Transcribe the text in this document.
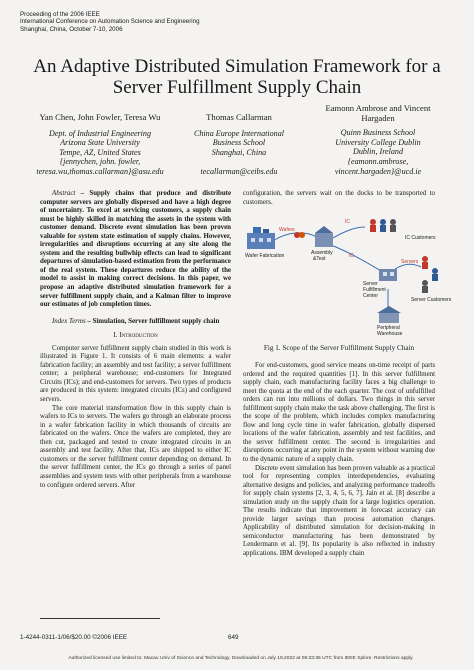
Proceeding of the 2006 IEEE
International Conference on Automation Science and Engineering
Shanghai, China, October 7-10, 2006
An Adaptive Distributed Simulation Framework for a
Server Fulfillment Supply Chain
Yan Chen, John Fowler, Teresa Wu
Dept. of Industrial Engineering
Arizona State University
Tempe, AZ, United States
{jennychen, john. fowler,
teresa.wu,thomas.callarman}@asu.edu
Thomas Callarman
China Europe International
Business School
Shanghai, China
tecallarman@ceibs.edu
Eamonn Ambrose and Vincent
Hargaden
Quinn Business School
University College Dublin
Dublin, Ireland
{eamonn.ambrose,
vincent.hargaden}@ucd.ie

Abstract – Supply chains that produce and distribute computer servers are globally dispersed and have a high degree of uncertainty. To excel at servicing customers, a supply chain must be highly skilled in matching the assets in the system with customer demand. Discrete event simulation has been proven valuable for system state estimation of supply chains. However, irregularities and disruptions occurring at any site along the system and the resulting bullwhip effects can lead to significant departures of simulation-based estimation from the performance of the real system. These departures reduce the ability of the model to assist in making correct decisions. In this paper, we propose an adaptive distributed simulation framework for a server fulfillment supply chain, and a Kalman filter to improve our estimates of job completion times.

Index Terms – Simulation, Server fulfillment supply chain

I. Introduction

Computer server fulfillment supply chain studied in this work is illustrated in Figure 1. It consists of 6 main elements: a wafer fabrication facility; an assembly and test facility; a server fulfillment center; a peripheral warehouse; end-customers for Integrated Circuits (ICs); and end-customers for servers. Two types of products are produced in this system: integrated circuits (ICs) and configured servers.

The core material transformation flow in this supply chain is wafers to ICs to servers. The wafers go through an elaborate process in a wafer fabrication facility in which thousands of circuits are fabricated on the wafers. Once the wafers are completed, they are then cut, packaged and tested to create integrated circuits in an assembly and test facility. After that, ICs are shipped to either IC customers or the server fulfillment center depending on demand. In the server fulfillment center, the ICs go through a series of panel assemblies and system tests with other peripherals from a warehouse to configure ordered servers. After

configuration, the servers wait on the docks to be transported to customers.

Wafer Fabrication
Wafers
Assembly
&Test
IC
IC
IC Customers
Server
Fulfillment
Center
Servers
Server Customers
Peripheral
Warehouse
Fig 1. Scope of the Server Fulfillment Supply Chain

For end-customers, good service means on-time receipt of parts ordered and the required quantities [1]. In this server fulfillment supply chain, each manufacturing facility faces a big challenge to meet the quota at the end of the each quarter. The cost of unfulfilled orders can run into millions of dollars. Two things in this server fulfillment supply chain make the task above challenging. The first is the scope of the problem, which includes complex manufacturing flow and long cycle time in wafer fabrication, globally dispersed locations of the wafer fabrication, assembly and test facilities, and the server fulfillment center. The second is irregularities and disruptions occurring at any point in the system without warning due to the dynamic nature of a supply chain.

Discrete event simulation has been proven valuable as a practical tool for representing complex interdependencies, evaluating alternative designs and policies, and analyzing performance tradeoffs for supply chain systems [2, 3, 4, 5, 6, 7]. Jain et al. [8] describe a simulation study on the supply chain for a large logistics operation. The results indicate that improvement in forecast accuracy can provide larger savings than process automation changes. Applicability of distributed simulation for decision-making in semiconductor manufacturing has been demonstrated by Lendermann et al. [9]. Its popularity is also reflected in industry applications. IBM developed a supply chain

1-4244-0311-1/06/$20.00 ©2006 IEEE	649
Authorized licensed use limited to: Macau Univ of Science and Technology. Downloaded on July 19,2022 at 05:33:36 UTC from IEEE Xplore. Restrictions apply.
